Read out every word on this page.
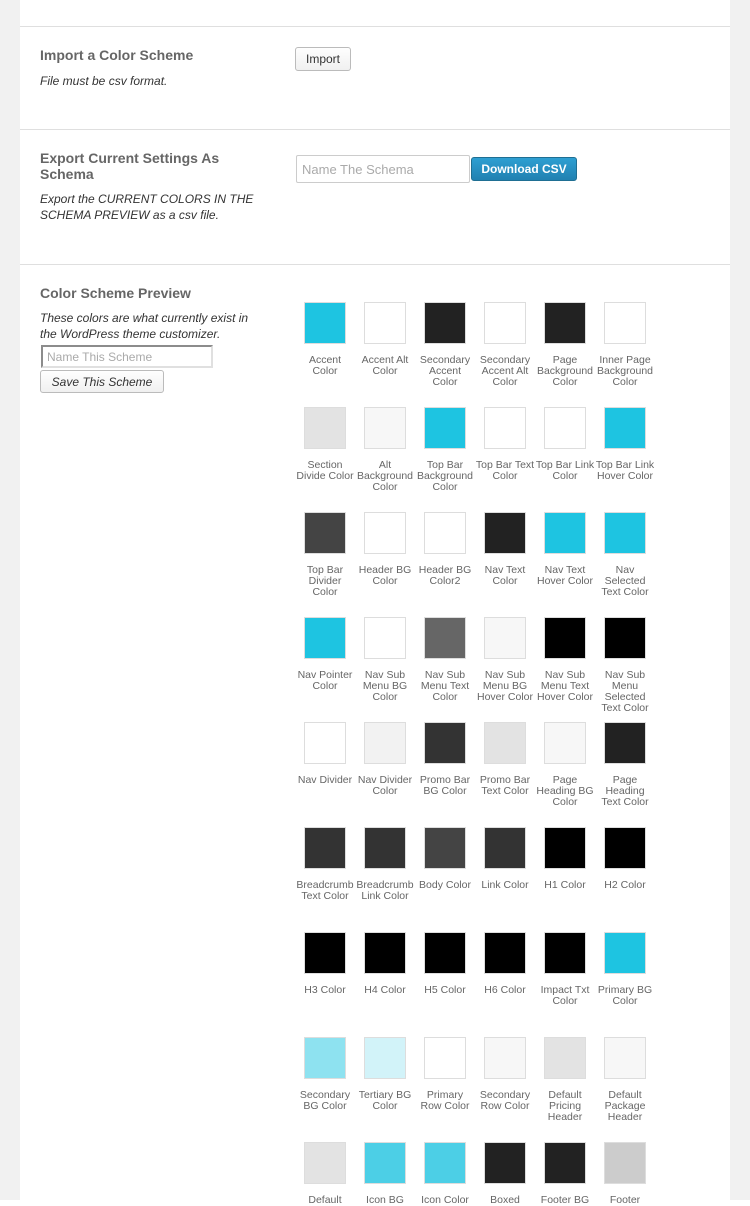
Import a Color Scheme
File must be csv format.
Import
Export Current Settings As Schema
Export the CURRENT COLORS IN THE SCHEMA PREVIEW as a csv file.
Name The Schema
Download CSV
Color Scheme Preview
These colors are what currently exist in the WordPress theme customizer.
Name This Scheme
Save This Scheme
Accent Color
Accent Alt Color
Secondary Accent Color
Secondary Accent Alt Color
Page Background Color
Inner Page Background Color
Section Divide Color
Alt Background Color
Top Bar Background Color
Top Bar Text Color
Top Bar Link Color
Top Bar Link Hover Color
Top Bar Divider Color
Header BG Color
Header BG Color2
Nav Text Color
Nav Text Hover Color
Nav Selected Text Color
Nav Pointer Color
Nav Sub Menu BG Color
Nav Sub Menu Text Color
Nav Sub Menu BG Hover Color
Nav Sub Menu Text Hover Color
Nav Sub Menu Selected Text Color
Nav Divider Nav Divider Color
Promo Bar BG Color
Promo Bar Text Color
Page Heading BG Color
Page Heading Text Color
Breadcrumb Text Color
Breadcrumb Link Color
Body Color Link Color	H1 Color	H2 Color
H3 Color	H4 Color	H5 Color	H6 Color	Impact Txt Color
Primary BG Color
Secondary BG Color
Tertiary BG Color
Primary Row Color
Secondary Row Color
Default Pricing Header
Default Package Header
Default	Icon BG	Icon Color	Boxed	Footer BG	Footer
